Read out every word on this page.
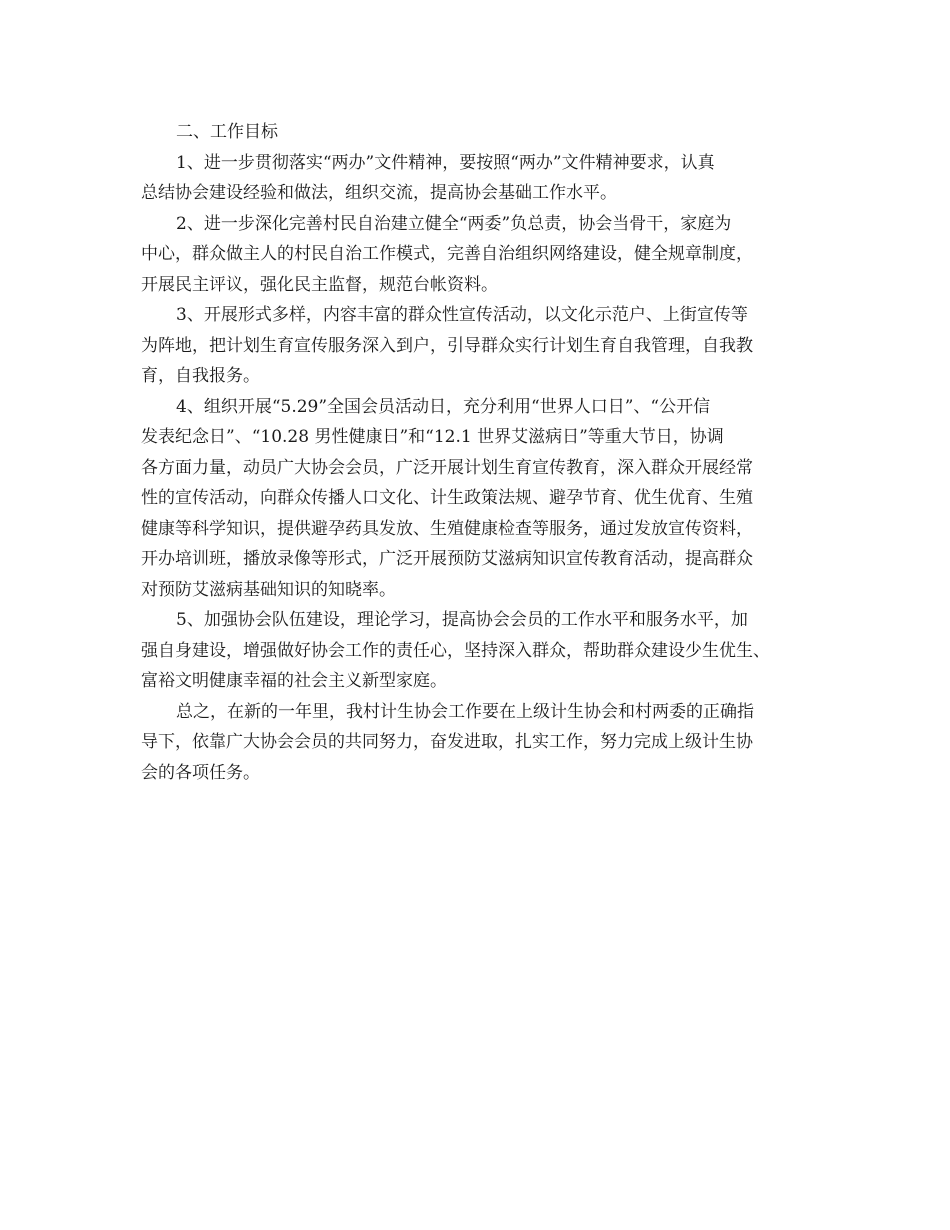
二、工作目标
1、进一步贯彻落实“两办”文件精神，要按照“两办”文件精神要求，认真
总结协会建设经验和做法，组织交流，提高协会基础工作水平。
2、进一步深化完善村民自治建立健全“两委”负总责，协会当骨干，家庭为
中心，群众做主人的村民自治工作模式，完善自治组织网络建设，健全规章制度，
开展民主评议，强化民主监督，规范台帐资料。
3、开展形式多样，内容丰富的群众性宣传活动，以文化示范户、上街宣传等
为阵地，把计划生育宣传服务深入到户，引导群众实行计划生育自我管理，自我教
育，自我报务。
4、组织开展“5.29”全国会员活动日，充分利用“世界人口日”、“公开信
发表纪念日”、“10.28 男性健康日”和“12.1 世界艾滋病日”等重大节日，协调
各方面力量，动员广大协会会员，广泛开展计划生育宣传教育，深入群众开展经常
性的宣传活动，向群众传播人口文化、计生政策法规、避孕节育、优生优育、生殖
健康等科学知识，提供避孕药具发放、生殖健康检查等服务，通过发放宣传资料，
开办培训班，播放录像等形式，广泛开展预防艾滋病知识宣传教育活动，提高群众
对预防艾滋病基础知识的知晓率。
5、加强协会队伍建设，理论学习，提高协会会员的工作水平和服务水平，加
强自身建设，增强做好协会工作的责任心，坚持深入群众，帮助群众建设少生优生、
富裕文明健康幸福的社会主义新型家庭。
总之，在新的一年里，我村计生协会工作要在上级计生协会和村两委的正确指
导下，依靠广大协会会员的共同努力，奋发进取，扎实工作，努力完成上级计生协
会的各项任务。
